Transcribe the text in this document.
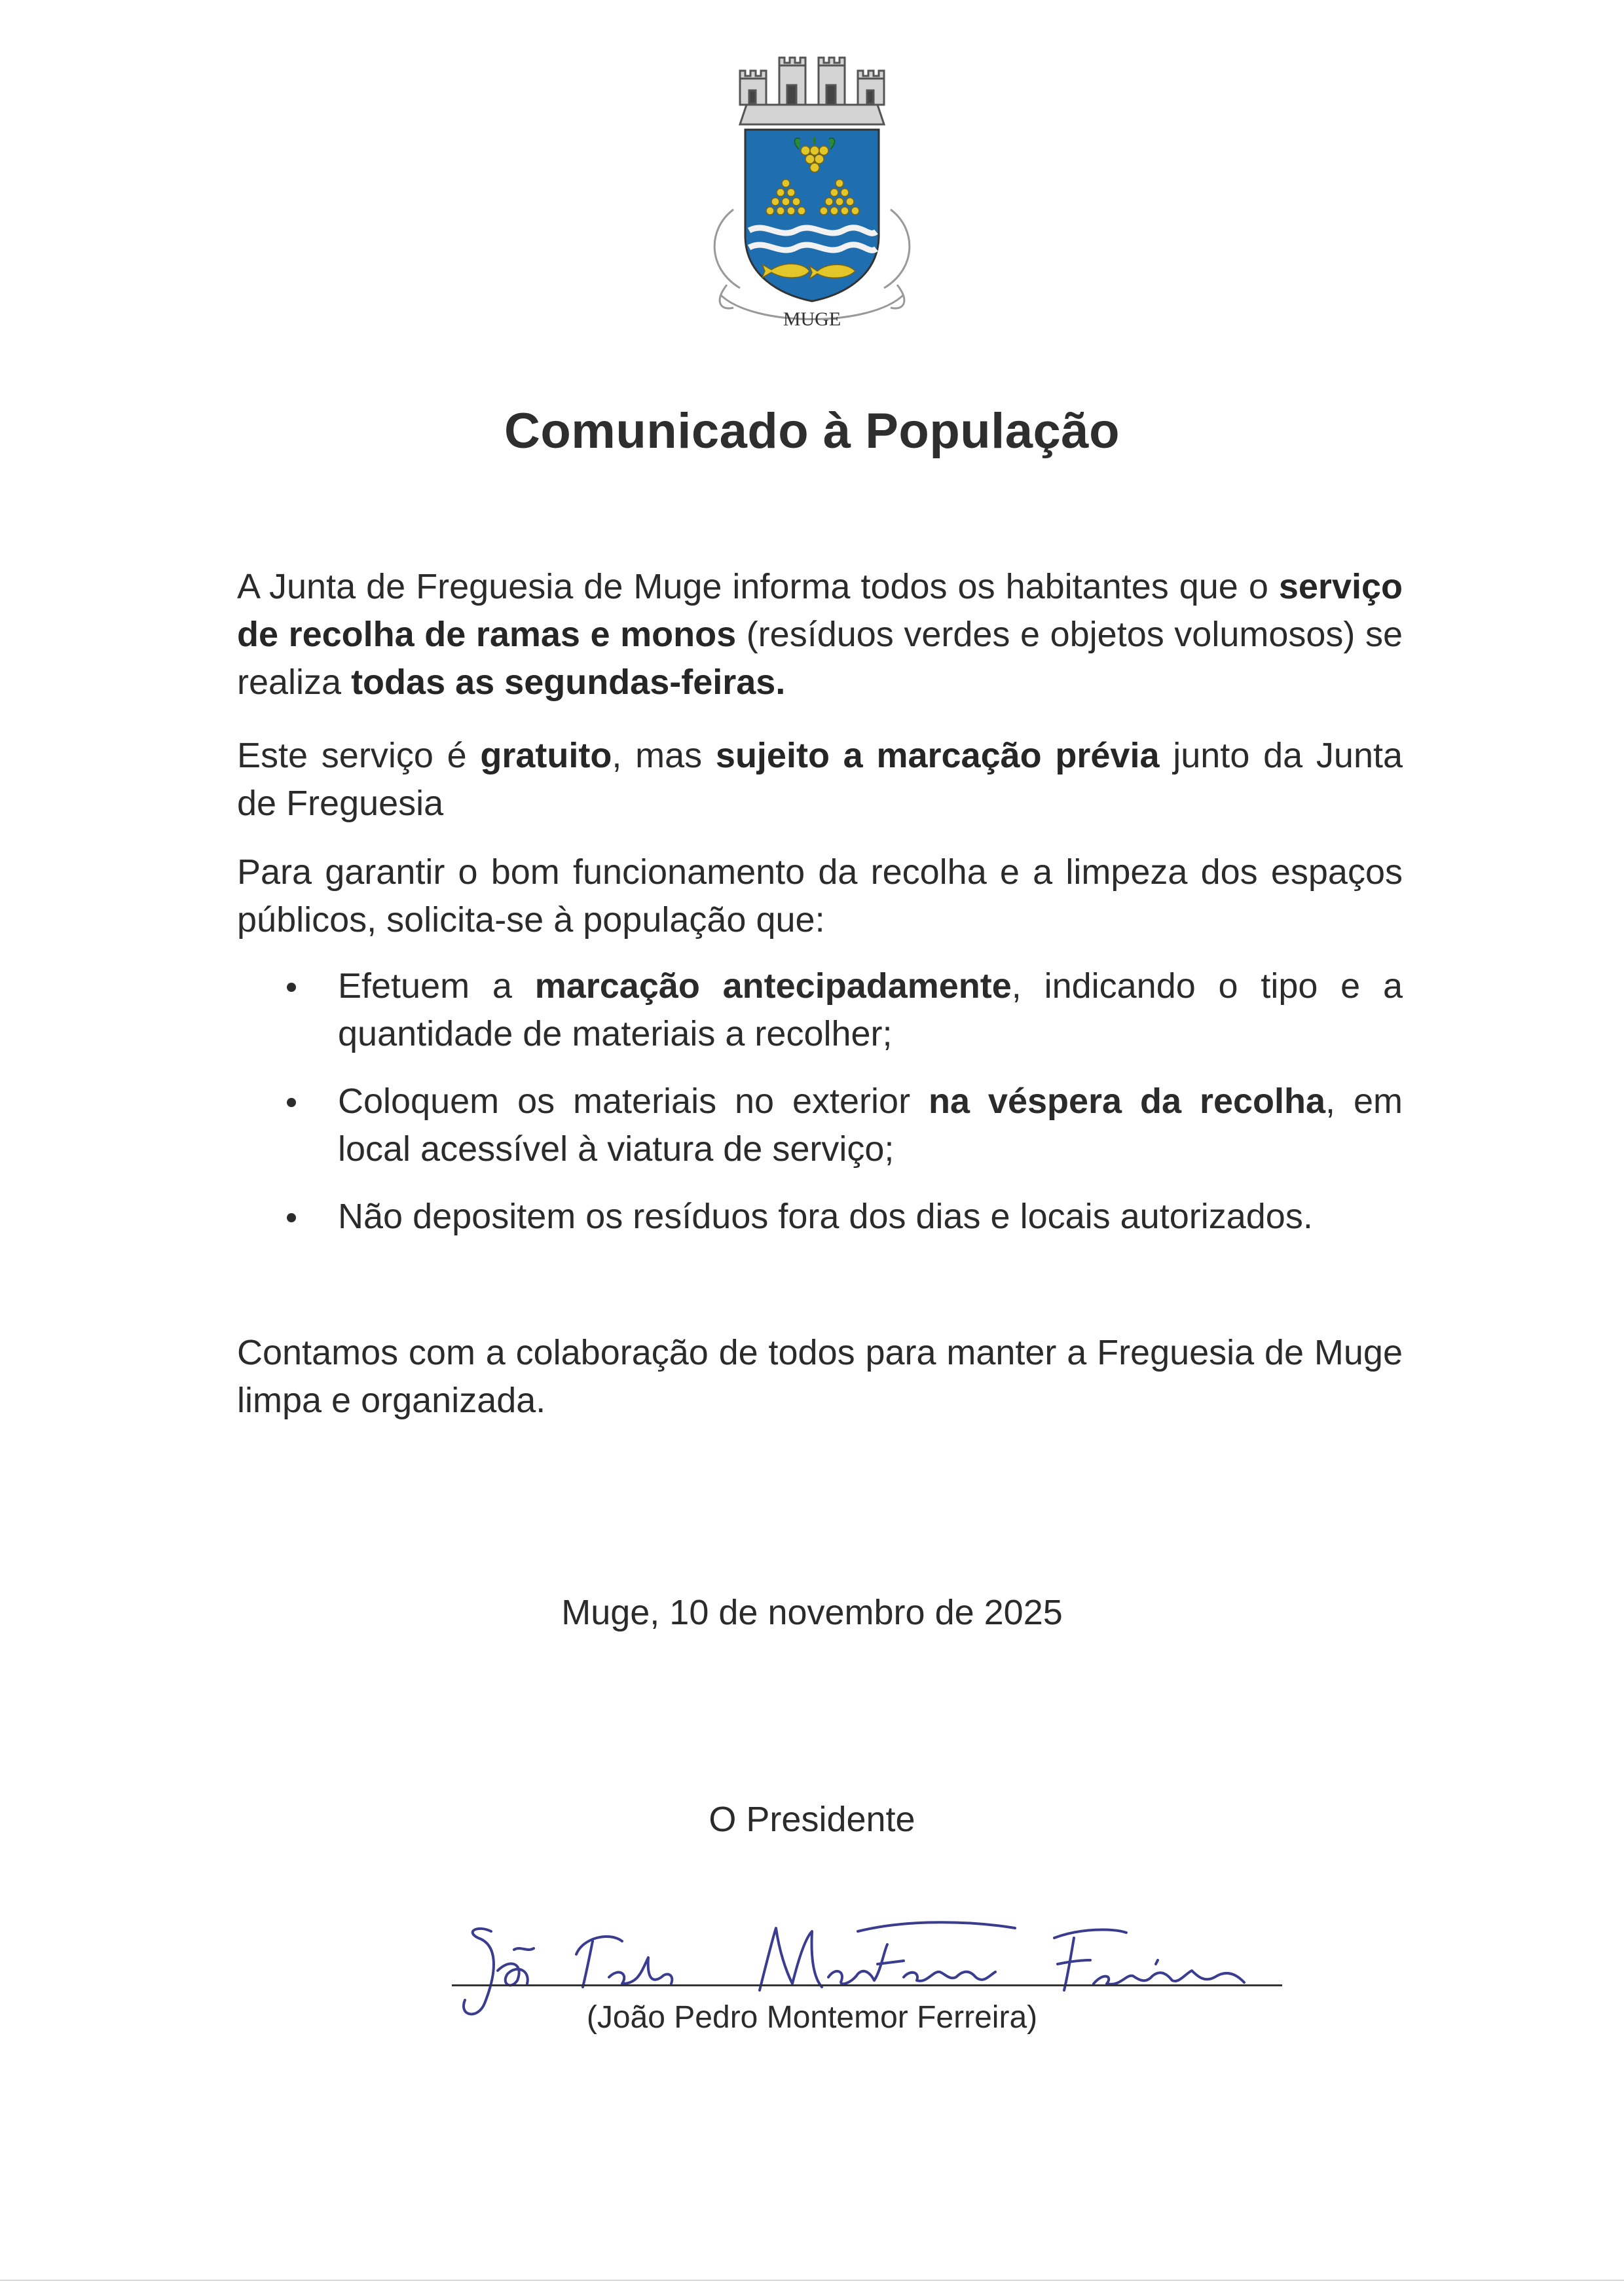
MUGE
Comunicado à População

A Junta de Freguesia de Muge informa todos os habitantes que o serviço de recolha de ramas e monos (resíduos verdes e objetos volumosos) se realiza todas as segundas-feiras.

Este serviço é gratuito, mas sujeito a marcação prévia junto da Junta de Freguesia

Para garantir o bom funcionamento da recolha e a limpeza dos espaços públicos, solicita-se à população que:

Efetuem a marcação antecipadamente, indicando o tipo e a quantidade de materiais a recolher;
Coloquem os materiais no exterior na véspera da recolha, em local acessível à viatura de serviço;
Não depositem os resíduos fora dos dias e locais autorizados.

Contamos com a colaboração de todos para manter a Freguesia de Muge limpa e organizada.

Muge, 10 de novembro de 2025
O Presidente
(João Pedro Montemor Ferreira)
